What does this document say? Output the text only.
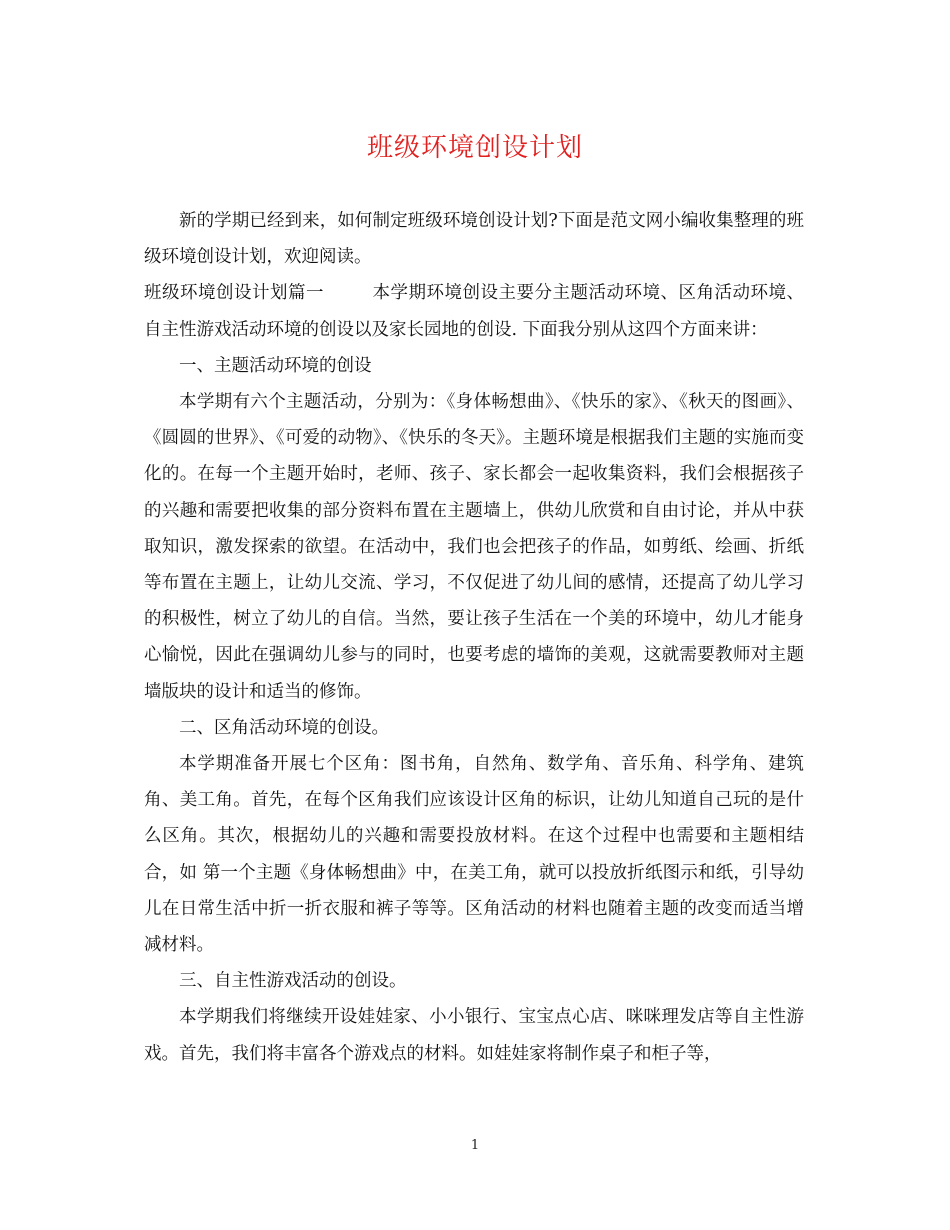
班级环境创设计划

新的学期已经到来，如何制定班级环境创设计划?下面是范文网小编收集整理的班级环境创设计划，欢迎阅读。

班级环境创设计划篇一	本学期环境创设主要分主题活动环境、区角活动环境、自主性游戏活动环境的创设以及家长园地的创设. 下面我分别从这四个方面来讲：

一、主题活动环境的创设

本学期有六个主题活动，分别为：《身体畅想曲》、《快乐的家》、《秋天的图画》、《圆圆的世界》、《可爱的动物》、《快乐的冬天》。主题环境是根据我们主题的实施而变化的。在每一个主题开始时，老师、孩子、家长都会一起收集资料，我们会根据孩子的兴趣和需要把收集的部分资料布置在主题墙上，供幼儿欣赏和自由讨论，并从中获取知识，激发探索的欲望。在活动中，我们也会把孩子的作品，如剪纸、绘画、折纸等布置在主题上，让幼儿交流、学习，不仅促进了幼儿间的感情，还提高了幼儿学习的积极性，树立了幼儿的自信。当然，要让孩子生活在一个美的环境中，幼儿才能身心愉悦，因此在强调幼儿参与的同时，也要考虑的墙饰的美观，这就需要教师对主题墙版块的设计和适当的修饰。

二、区角活动环境的创设。

本学期准备开展七个区角：图书角，自然角、数学角、音乐角、科学角、建筑角、美工角。首先，在每个区角我们应该设计区角的标识，让幼儿知道自己玩的是什么区角。其次，根据幼儿的兴趣和需要投放材料。在这个过程中也需要和主题相结合，如 第一个主题《身体畅想曲》中，在美工角，就可以投放折纸图示和纸，引导幼儿在日常生活中折一折衣服和裤子等等。区角活动的材料也随着主题的改变而适当增减材料。

三、自主性游戏活动的创设。

本学期我们将继续开设娃娃家、小小银行、宝宝点心店、咪咪理发店等自主性游戏。首先，我们将丰富各个游戏点的材料。如娃娃家将制作桌子和柜子等，

1
